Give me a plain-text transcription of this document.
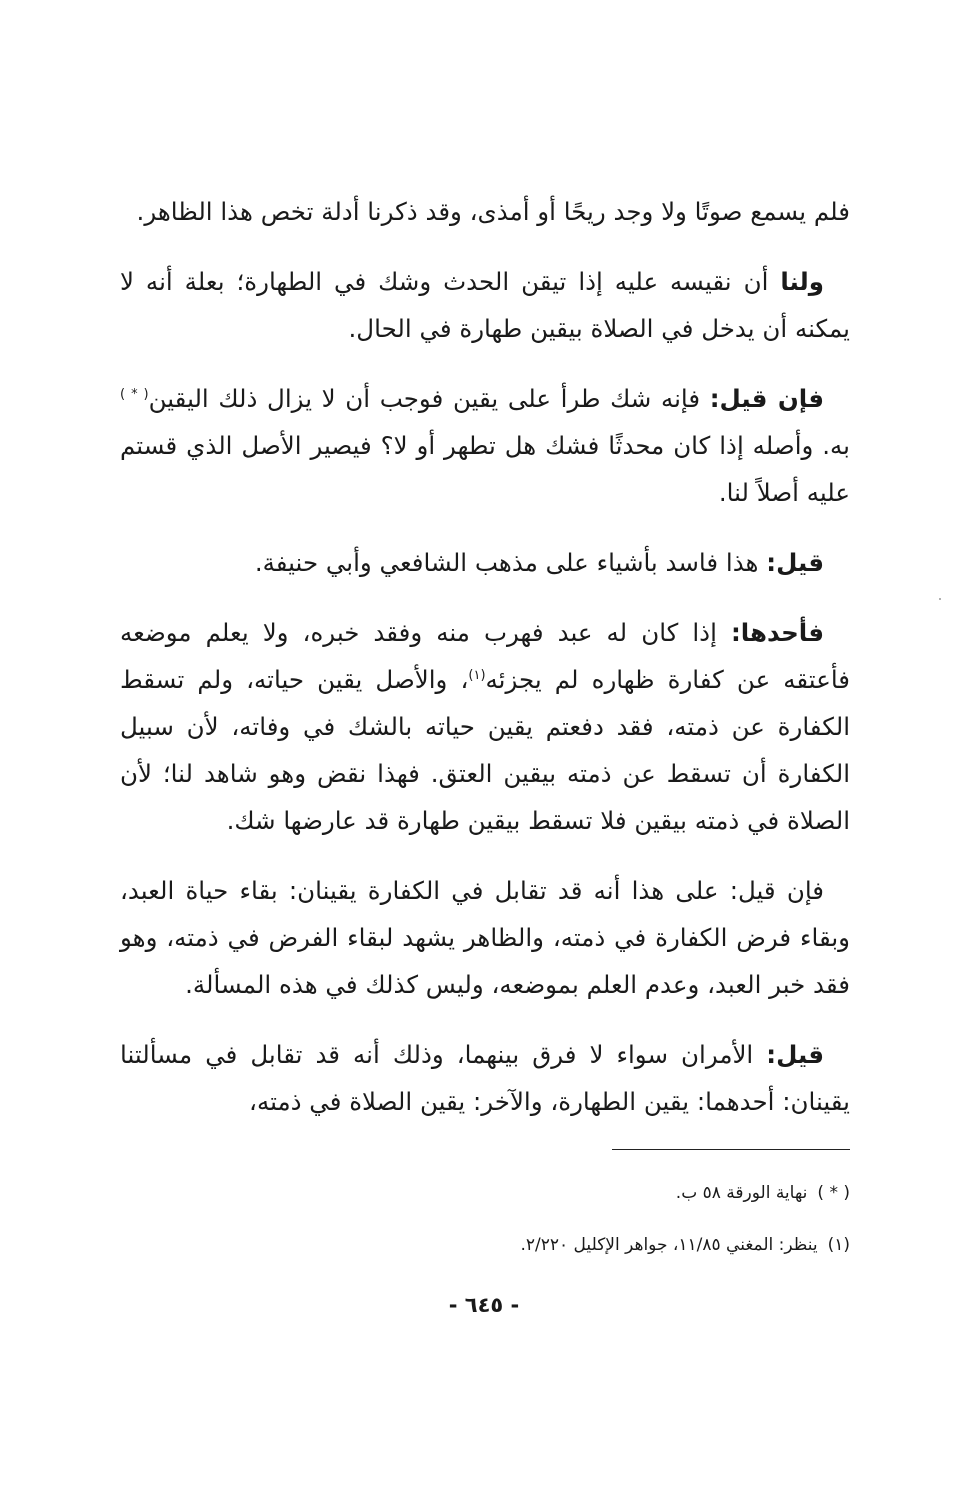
فلم يسمع صوتًا ولا وجد ريحًا أو أمذى، وقد ذكرنا أدلة تخص هذا الظاهر.

ولنا أن نقيسه عليه إذا تيقن الحدث وشك في الطهارة؛ بعلة أنه لا يمكنه أن يدخل في الصلاة بيقين طهارة في الحال.

فإن قيل: فإنه شك طرأ على يقين فوجب أن لا يزال ذلك اليقين( * ) به. وأصله إذا كان محدثًا فشك هل تطهر أو لا؟ فيصير الأصل الذي قستم عليه أصلاً لنا.

قيل: هذا فاسد بأشياء على مذهب الشافعي وأبي حنيفة.

فأحدها: إذا كان له عبد فهرب منه وفقد خبره، ولا يعلم موضعه فأعتقه عن كفارة ظهاره لم يجزئه$^{(١)}$، والأصل يقين حياته، ولم تسقط الكفارة عن ذمته، فقد دفعتم يقين حياته بالشك في وفاته، لأن سبيل الكفارة أن تسقط عن ذمته بيقين العتق. فهذا نقض وهو شاهد لنا؛ لأن الصلاة في ذمته بيقين فلا تسقط بيقين طهارة قد عارضها شك.

فإن قيل: على هذا أنه قد تقابل في الكفارة يقينان: بقاء حياة العبد، وبقاء فرض الكفارة في ذمته، والظاهر يشهد لبقاء الفرض في ذمته، وهو فقد خبر العبد، وعدم العلم بموضعه، وليس كذلك في هذه المسألة.

قيل: الأمران سواء لا فرق بينهما، وذلك أنه قد تقابل في مسألتنا يقينان: أحدهما: يقين الطهارة، والآخر: يقين الصلاة في ذمته،

( * )نهاية الورقة ٥٨ ب.
(١)ينظر: المغني ١١/٨٥، جواهر الإكليل ٢/٢٢٠.
- ٦٤٥ -
